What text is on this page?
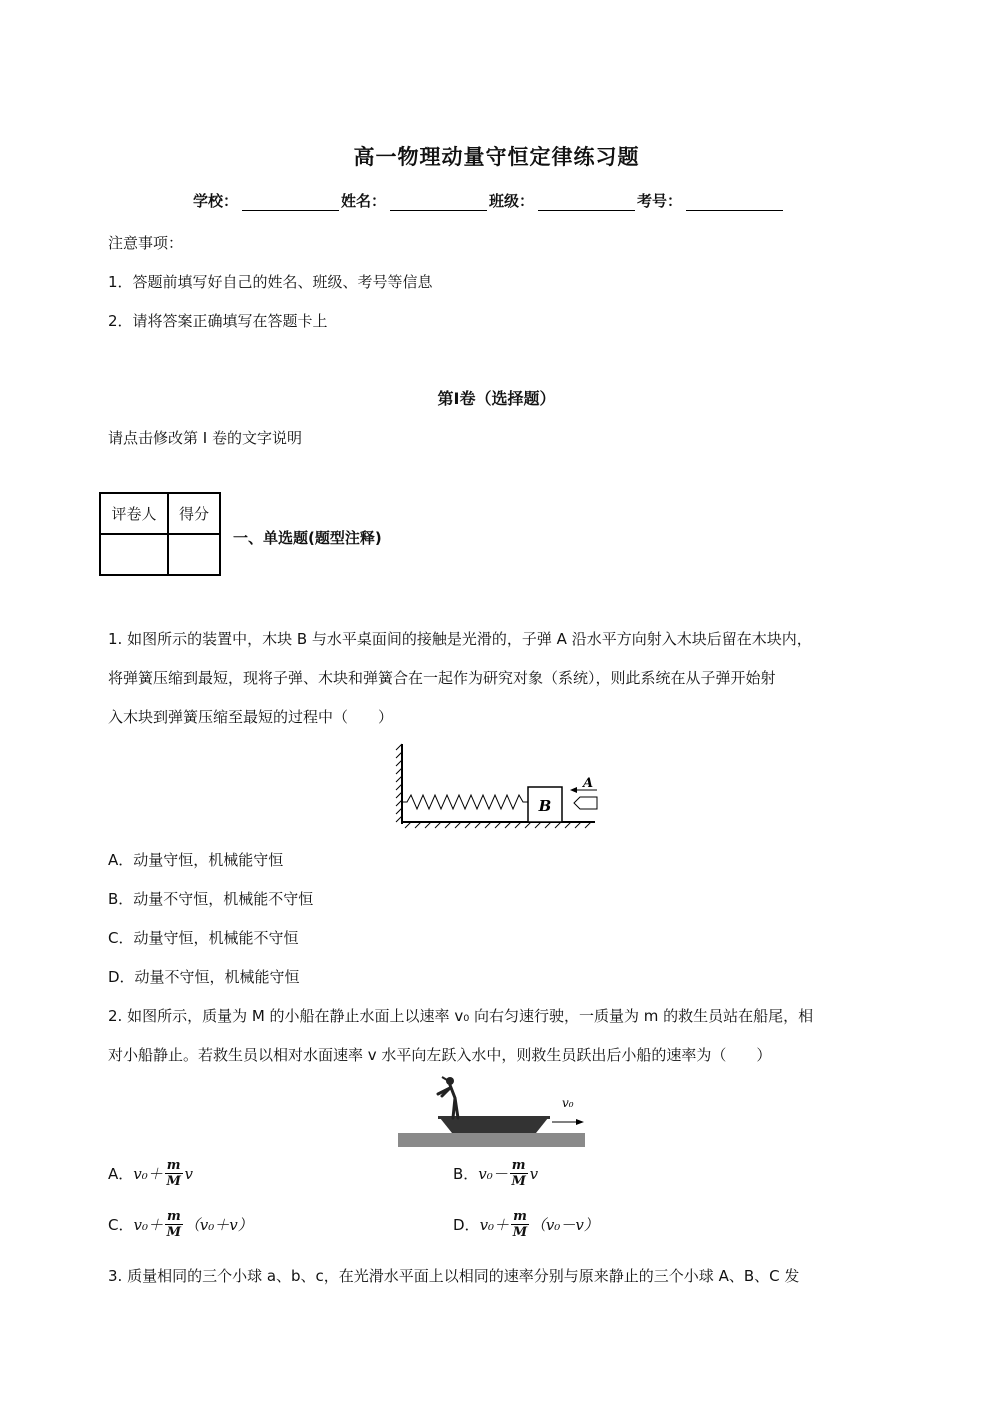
高一物理动量守恒定律练习题
学校：	姓名：	班级：	考号：
注意事项：
1．答题前填写好自己的姓名、班级、考号等信息
2．请将答案正确填写在答题卡上
第Ⅰ卷（选择题）
请点击修改第 I 卷的文字说明
评卷人	得分

一、单选题(题型注释)
1. 如图所示的装置中，木块 B 与水平桌面间的接触是光滑的，子弹 A 沿水平方向射入木块后留在木块内，
将弹簧压缩到最短，现将子弹、木块和弹簧合在一起作为研究对象（系统），则此系统在从子弹开始射
入木块到弹簧压缩至最短的过程中（　　）
B
A
A．动量守恒，机械能守恒
B．动量不守恒，机械能不守恒
C．动量守恒，机械能不守恒
D．动量不守恒，机械能守恒
2. 如图所示，质量为 M 的小船在静止水面上以速率 v₀ 向右匀速行驶，一质量为 m 的救生员站在船尾，相
对小船静止。若救生员以相对水面速率 v 水平向左跃入水中，则救生员跃出后小船的速率为（　　）
v₀
A． $v_0+ \frac{m}{M}$ v	B． $v_0- \frac{m}{M}$ v
C． $v_0+ \frac{m}{M} (v_0+v)$	D． $v_0+ \frac{m}{M} (v_0-v)$
3. 质量相同的三个小球 a、b、c，在光滑水平面上以相同的速率分别与原来静止的三个小球 A、B、C 发
